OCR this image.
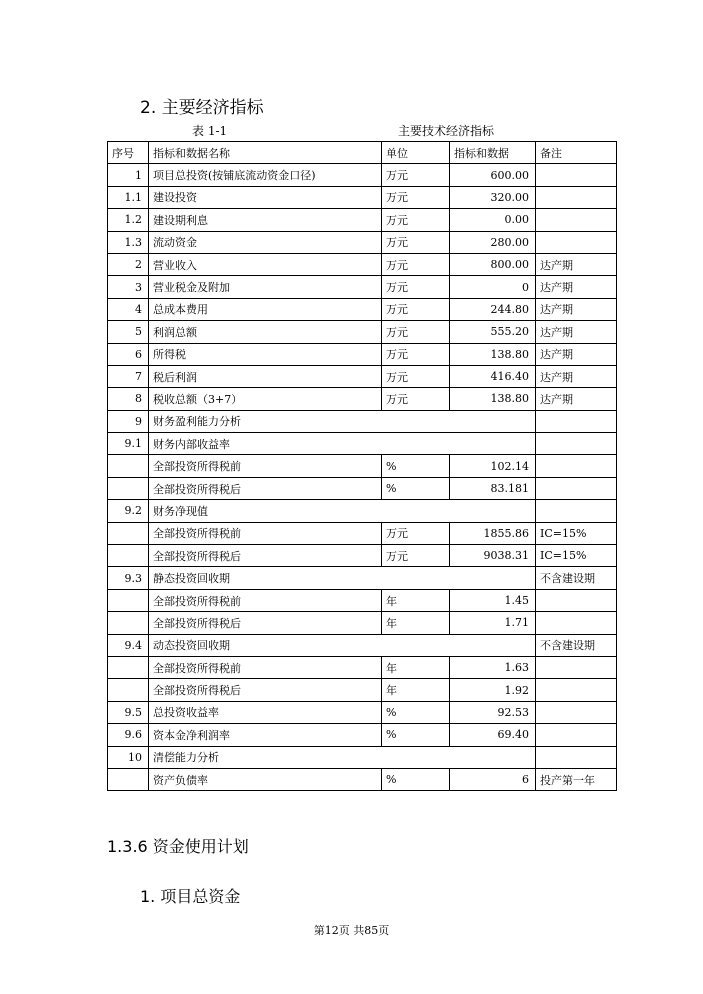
2. 主要经济指标
表 1-1	主要技术经济指标
序号	指标和数据名称	单位	指标和数据	备注
1	项目总投资(按铺底流动资金口径)	万元	600.00	
1.1	建设投资	万元	320.00	
1.2	建设期利息	万元	0.00	
1.3	流动资金	万元	280.00	
2	营业收入	万元	800.00	达产期
3	营业税金及附加	万元	0	达产期
4	总成本费用	万元	244.80	达产期
5	利润总额	万元	555.20	达产期
6	所得税	万元	138.80	达产期
7	税后利润	万元	416.40	达产期
8	税收总额（3+7）	万元	138.80	达产期
9	财务盈利能力分析			
9.1	财务内部收益率			
	全部投资所得税前	%	102.14	
	全部投资所得税后	%	83.181	
9.2	财务净现值			
	全部投资所得税前	万元	1855.86	IC=15%
	全部投资所得税后	万元	9038.31	IC=15%
9.3	静态投资回收期			不含建设期
	全部投资所得税前	年	1.45	
	全部投资所得税后	年	1.71	
9.4	动态投资回收期			不含建设期
	全部投资所得税前	年	1.63	
	全部投资所得税后	年	1.92	
9.5	总投资收益率	%	92.53	
9.6	资本金净利润率	%	69.40	
10	清偿能力分析			
	资产负债率	%	6	投产第一年
1.3.6 资金使用计划
1. 项目总资金
第12页 共85页
